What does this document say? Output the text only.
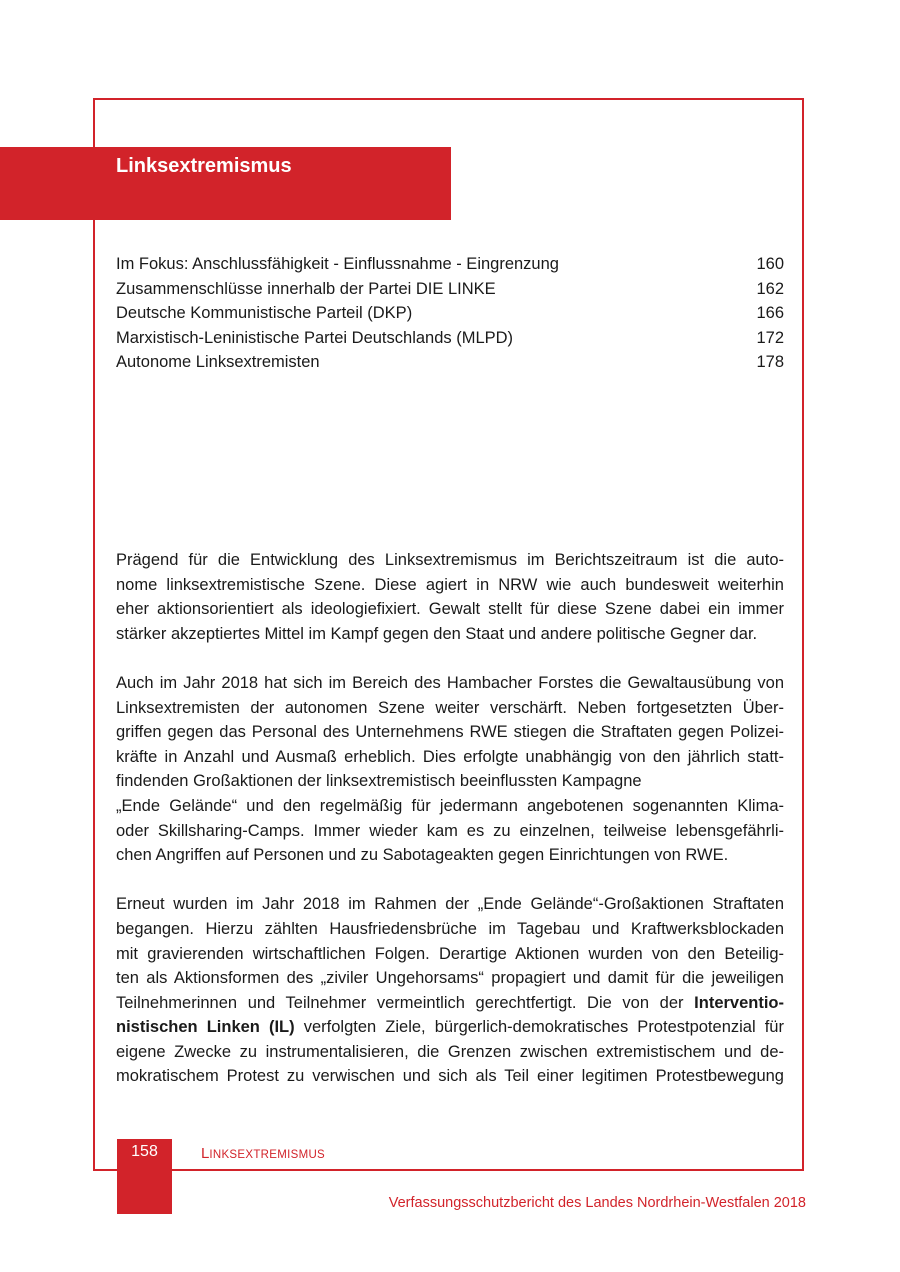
Linksextremismus
Im Fokus: Anschlussfähigkeit - Einflussnahme - Eingrenzung	160
Zusammenschlüsse innerhalb der Partei DIE LINKE	162
Deutsche Kommunistische Parteil (DKP)	166
Marxistisch-Leninistische Partei Deutschlands (MLPD)	172
Autonome Linksextremisten	178

Prägend für die Entwicklung des Linksextremismus im Berichtszeitraum ist die auto-
nome linksextremistische Szene. Diese agiert in NRW wie auch bundesweit weiterhin
eher aktionsorientiert als ideologiefixiert. Gewalt stellt für diese Szene dabei ein immer
stärker akzeptiertes Mittel im Kampf gegen den Staat und andere politische Gegner dar.

Auch im Jahr 2018 hat sich im Bereich des Hambacher Forstes die Gewaltausübung von
Linksextremisten der autonomen Szene weiter verschärft. Neben fortgesetzten Über-
griffen gegen das Personal des Unternehmens RWE stiegen die Straftaten gegen Polizei-
kräfte in Anzahl und Ausmaß erheblich. Dies erfolgte unabhängig von den jährlich statt-
findenden Großaktionen der linksextremistisch beeinflussten Kampagne
„Ende Gelände“ und den regelmäßig für jedermann angebotenen sogenannten Klima-
oder Skillsharing-Camps. Immer wieder kam es zu einzelnen, teilweise lebensgefährli-
chen Angriffen auf Personen und zu Sabotageakten gegen Einrichtungen von RWE.

Erneut wurden im Jahr 2018 im Rahmen der „Ende Gelände“-Großaktionen Straftaten
begangen. Hierzu zählten Hausfriedensbrüche im Tagebau und Kraftwerksblockaden
mit gravierenden wirtschaftlichen Folgen. Derartige Aktionen wurden von den Beteilig-
ten als Aktionsformen des „ziviler Ungehorsams“ propagiert und damit für die jeweiligen
Teilnehmerinnen und Teilnehmer vermeintlich gerechtfertigt. Die von der Interventio-
nistischen Linken (IL) verfolgten Ziele, bürgerlich-demokratisches Protestpotenzial für
eigene Zwecke zu instrumentalisieren, die Grenzen zwischen extremistischem und de-
mokratischem Protest zu verwischen und sich als Teil einer legitimen Protestbewegung

158	LINKSEXTREMISMUS
Verfassungsschutzbericht des Landes Nordrhein-Westfalen 2018
